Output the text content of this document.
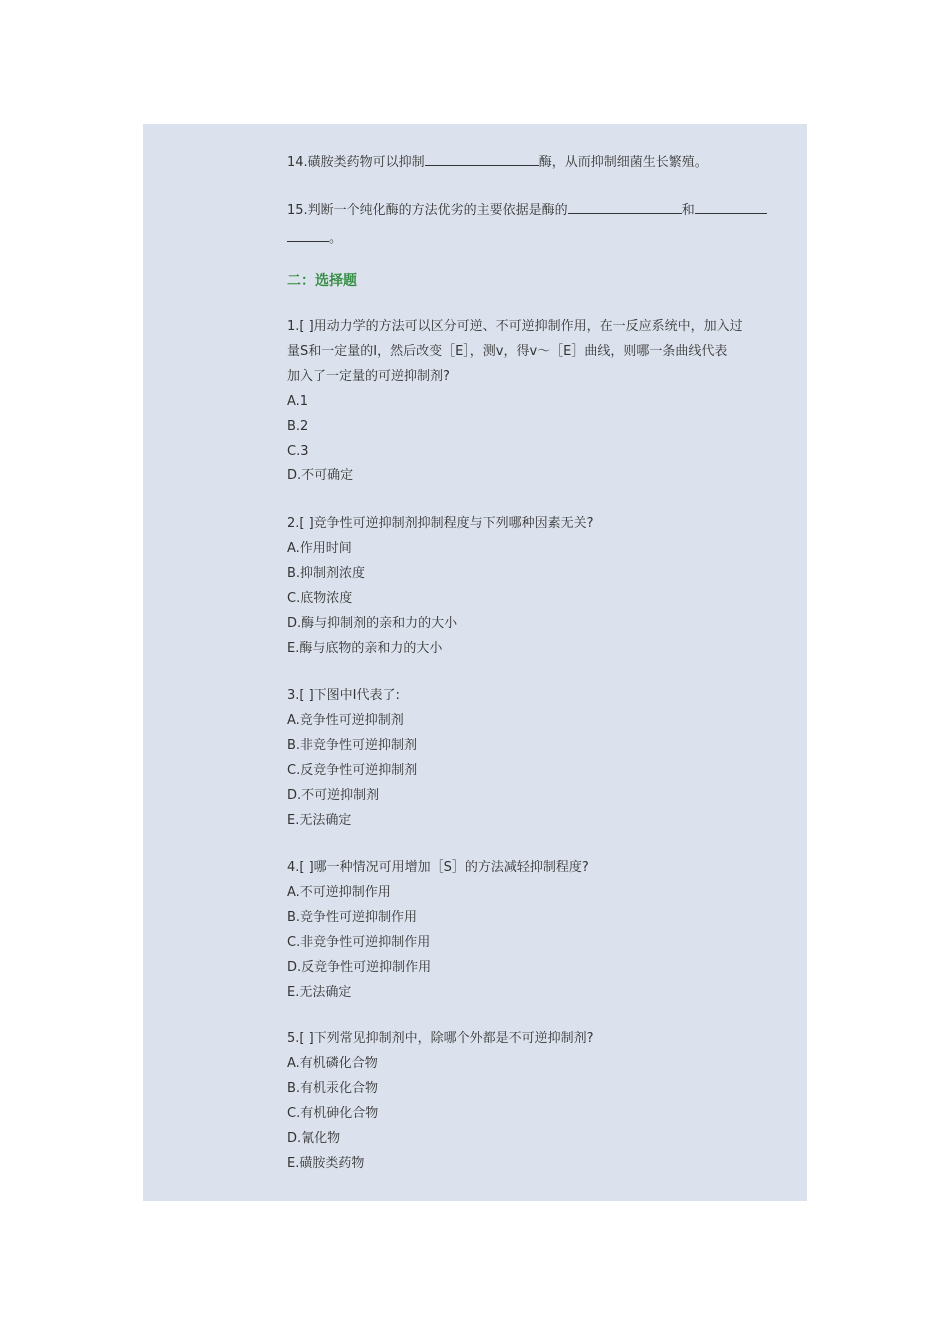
14.磺胺类药物可以抑制	酶，从而抑制细菌生长繁殖。
15.判断一个纯化酶的方法优劣的主要依据是酶的	和
。
二：选择题
1.[ ]用动力学的方法可以区分可逆、不可逆抑制作用，在一反应系统中，加入过
量S和一定量的I，然后改变［E］，测v，得v～［E］曲线，则哪一条曲线代表
加入了一定量的可逆抑制剂?
A.1
B.2
C.3
D.不可确定
2.[ ]竞争性可逆抑制剂抑制程度与下列哪种因素无关?
A.作用时间
B.抑制剂浓度
C.底物浓度
D.酶与抑制剂的亲和力的大小
E.酶与底物的亲和力的大小
3.[ ]下图中I代表了:
A.竞争性可逆抑制剂
B.非竞争性可逆抑制剂
C.反竞争性可逆抑制剂
D.不可逆抑制剂
E.无法确定
4.[ ]哪一种情况可用增加［S］的方法减轻抑制程度?
A.不可逆抑制作用
B.竞争性可逆抑制作用
C.非竞争性可逆抑制作用
D.反竞争性可逆抑制作用
E.无法确定
5.[ ]下列常见抑制剂中，除哪个外都是不可逆抑制剂?
A.有机磷化合物
B.有机汞化合物
C.有机砷化合物
D.氰化物
E.磺胺类药物
